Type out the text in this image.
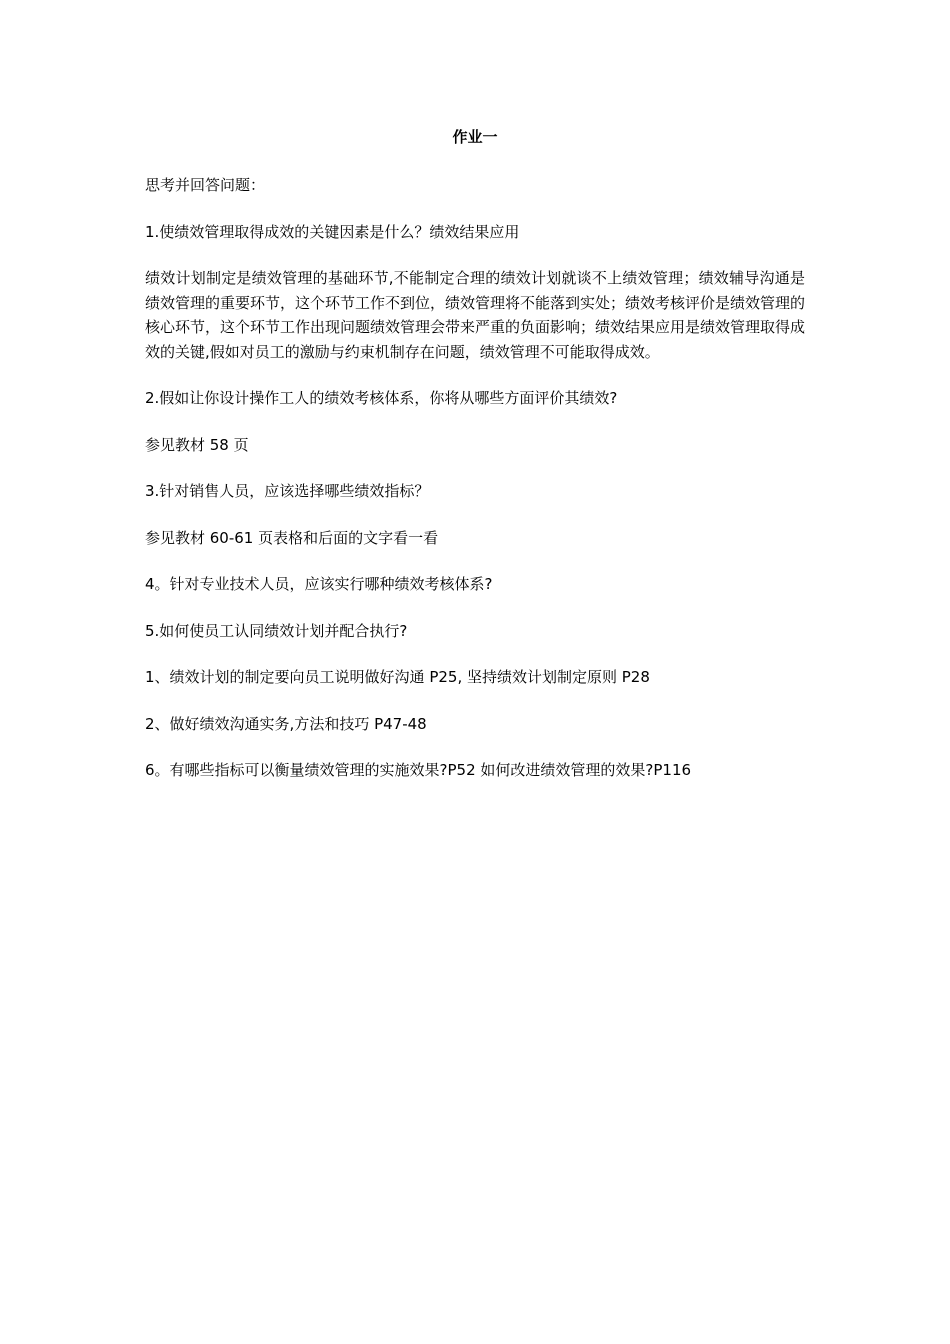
作业一

思考并回答问题：

1.使绩效管理取得成效的关键因素是什么？绩效结果应用

绩效计划制定是绩效管理的基础环节,不能制定合理的绩效计划就谈不上绩效管理；绩效辅导沟通是绩效管理的重要环节，这个环节工作不到位，绩效管理将不能落到实处；绩效考核评价是绩效管理的核心环节，这个环节工作出现问题绩效管理会带来严重的负面影响；绩效结果应用是绩效管理取得成效的关键,假如对员工的激励与约束机制存在问题，绩效管理不可能取得成效。

2.假如让你设计操作工人的绩效考核体系，你将从哪些方面评价其绩效?

参见教材 58 页

3.针对销售人员，应该选择哪些绩效指标？

参见教材 60-61 页表格和后面的文字看一看

4。针对专业技术人员，应该实行哪种绩效考核体系?

5.如何使员工认同绩效计划并配合执行?

1、绩效计划的制定要向员工说明做好沟通 P25, 坚持绩效计划制定原则 P28

2、做好绩效沟通实务,方法和技巧 P47-48

6。有哪些指标可以衡量绩效管理的实施效果?P52 如何改进绩效管理的效果?P116
